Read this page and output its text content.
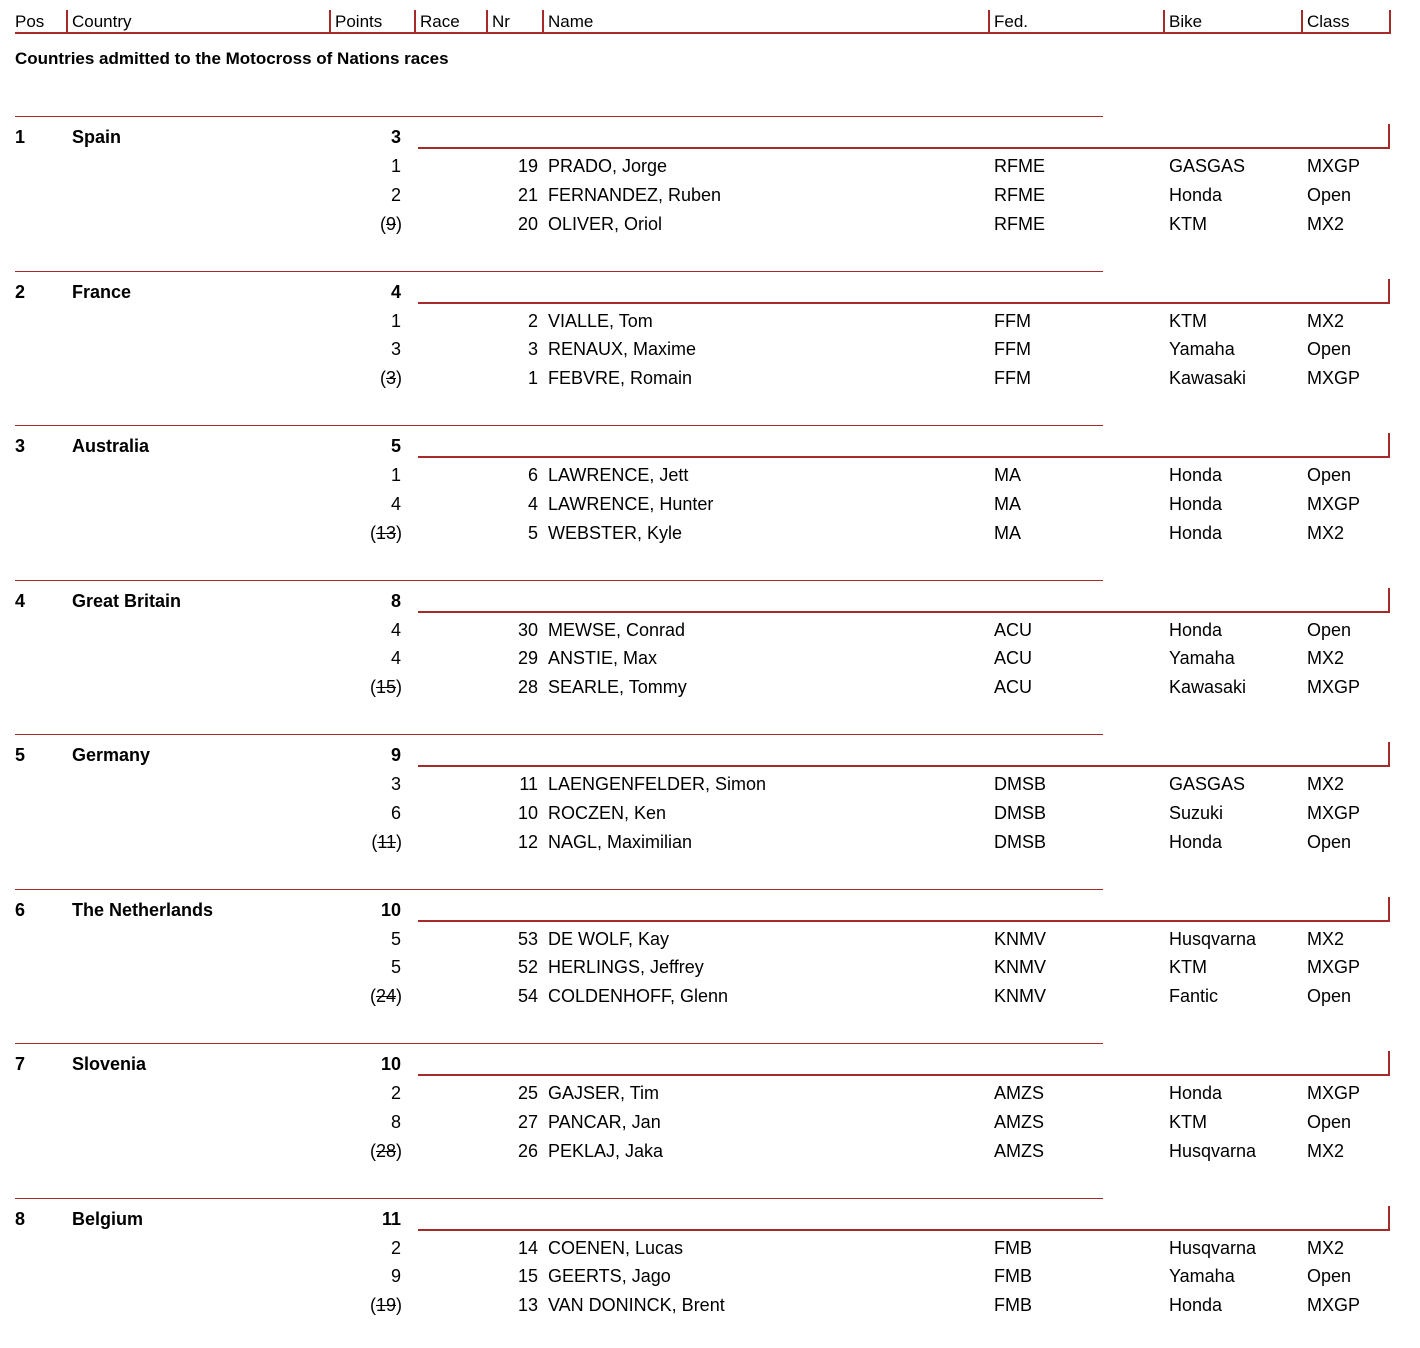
Pos	Country	Points	Race	Nr	Name	Fed.	Bike	Class
Countries admitted to the Motocross of Nations races
1	Spain	3
1	19 PRADO, Jorge	RFME	GASGAS	MXGP
2	21 FERNANDEZ, Ruben	RFME	Honda	Open
(9)	20 OLIVER, Oriol	RFME	KTM	MX2
2	France	4
1	2 VIALLE, Tom	FFM	KTM	MX2
3	3 RENAUX, Maxime	FFM	Yamaha	Open
(3)	1 FEBVRE, Romain	FFM	Kawasaki	MXGP
3	Australia	5
1	6 LAWRENCE, Jett	MA	Honda	Open
4	4 LAWRENCE, Hunter	MA	Honda	MXGP
(13)	5 WEBSTER, Kyle	MA	Honda	MX2
4	Great Britain	8
4	30 MEWSE, Conrad	ACU	Honda	Open
4	29 ANSTIE, Max	ACU	Yamaha	MX2
(15)	28 SEARLE, Tommy	ACU	Kawasaki	MXGP
5	Germany	9
3	11 LAENGENFELDER, Simon	DMSB	GASGAS	MX2
6	10 ROCZEN, Ken	DMSB	Suzuki	MXGP
(11)	12 NAGL, Maximilian	DMSB	Honda	Open
6	The Netherlands	10
5	53 DE WOLF, Kay	KNMV	Husqvarna	MX2
5	52 HERLINGS, Jeffrey	KNMV	KTM	MXGP
(24)	54 COLDENHOFF, Glenn	KNMV	Fantic	Open
7	Slovenia	10
2	25 GAJSER, Tim	AMZS	Honda	MXGP
8	27 PANCAR, Jan	AMZS	KTM	Open
(28)	26 PEKLAJ, Jaka	AMZS	Husqvarna	MX2
8	Belgium	11
2	14 COENEN, Lucas	FMB	Husqvarna	MX2
9	15 GEERTS, Jago	FMB	Yamaha	Open
(19)	13 VAN DONINCK, Brent	FMB	Honda	MXGP
